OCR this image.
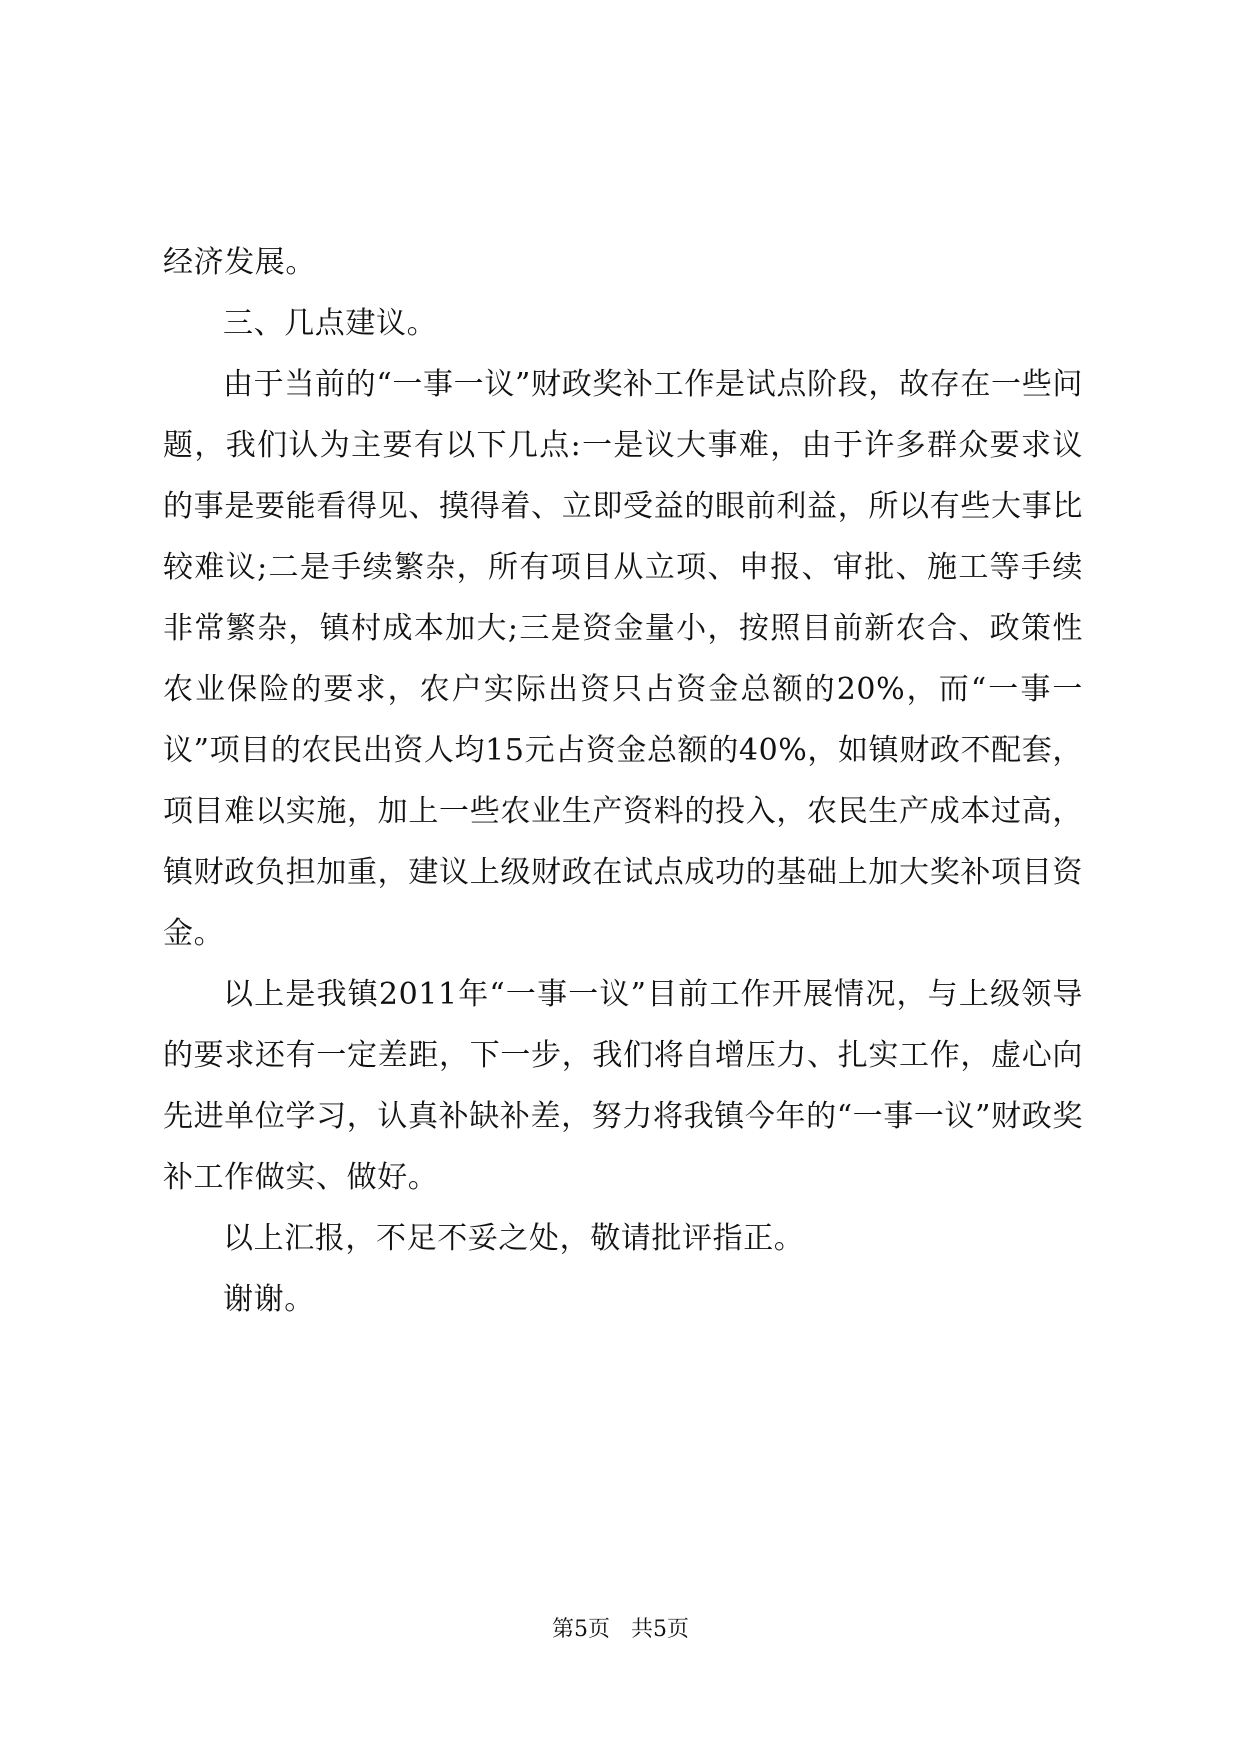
经济发展。

三、几点建议。

由于当前的“一事一议”财政奖补工作是试点阶段，故存在一些问题，我们认为主要有以下几点:一是议大事难，由于许多群众要求议的事是要能看得见、摸得着、立即受益的眼前利益，所以有些大事比较难议;二是手续繁杂，所有项目从立项、申报、审批、施工等手续非常繁杂，镇村成本加大;三是资金量小，按照目前新农合、政策性农业保险的要求，农户实际出资只占资金总额的20%，而“一事一议”项目的农民出资人均15元占资金总额的40%，如镇财政不配套，项目难以实施，加上一些农业生产资料的投入，农民生产成本过高，镇财政负担加重，建议上级财政在试点成功的基础上加大奖补项目资金。

以上是我镇2011年“一事一议”目前工作开展情况，与上级领导的要求还有一定差距，下一步，我们将自增压力、扎实工作，虚心向先进单位学习，认真补缺补差，努力将我镇今年的“一事一议”财政奖补工作做实、做好。

以上汇报，不足不妥之处，敬请批评指正。

谢谢。

第5页 共5页
